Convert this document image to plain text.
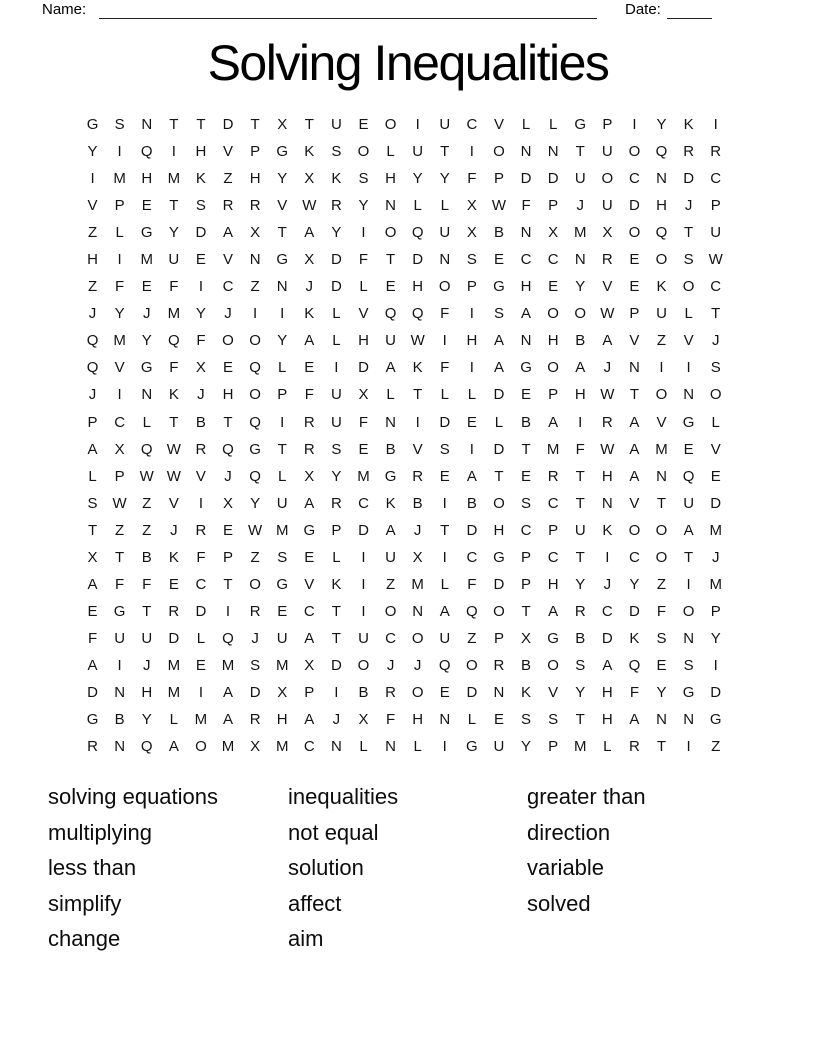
Name:	Date:
Solving Inequalities
G	S	N	T	T	D	T	X	T	U	E	O	I	U	C	V	L	L	G	P	I	Y	K	I
Y	I	Q	I	H	V	P	G	K	S	O	L	U	T	I	O	N	N	T	U	O	Q	R	R
I	M	H	M	K	Z	H	Y	X	K	S	H	Y	Y	F	P	D	D	U	O	C	N	D	C
V	P	E	T	S	R	R	V	W R	Y	N	L	L	X	W	F	P	J	U	D	H	J	P
Z	L	G	Y	D	A	X	T	A	Y	I	O	Q	U	X	B	N	X	M	X	O	Q	T	U
H	I	M	U	E	V	N	G	X	D	F	T	D	N	S	E	C	C	N	R	E	O	S	W
Z	F	E	F	I	C	Z	N	J	D	L	E	H	O	P	G	H	E	Y	V	E	K	O	C
J	Y	J	M	Y	J	I	I	K	L	V	Q	Q	F	I	S	A	O	O W	P	U	L	T
Q	M	Y	Q	F	O	O	Y	A	L	H	U W	I	H	A	N	H	B	A	V	Z	V	J
Q	V	G	F	X	E	Q	L	E	I	D	A	K	F	I	A	G	O	A	J	N	I	I	S
J	I	N	K	J	H	O	P	F	U	X	L	T	L	L	D	E	P	H W	T	O	N	O
P	C	L	T	B	T	Q	I	R	U	F	N	I	D	E	L	B	A	I	R	A	V	G	L
A	X	Q W R	Q	G	T	R	S	E	B	V	S	I	D	T	M	F	W	A	M	E	V
L	P	W W	V	J	Q	L	X	Y	M	G	R	E	A	T	E	R	T	H	A	N	Q	E
S	W	Z	V	I	X	Y	U	A	R	C	K	B	I	B	O	S	C	T	N	V	T	U	D
T	Z	Z	J	R	E	W M	G	P	D	A	J	T	D	H	C	P	U	K	O	O	A	M
X	T	B	K	F	P	Z	S	E	L	I	U	X	I	C	G	P	C	T	I	C	O	T	J
A	F	F	E	C	T	O	G	V	K	I	Z	M	L	F	D	P	H	Y	J	Y	Z	I	M
E	G	T	R	D	I	R	E	C	T	I	O	N	A	Q	O	T	A	R	C	D	F	O	P
F	U	U	D	L	Q	J	U	A	T	U	C	O	U	Z	P	X	G	B	D	K	S	N	Y
A	I	J	M	E	M	S	M	X	D	O	J	J	Q	O	R	B	O	S	A	Q	E	S	I
D	N	H	M	I	A	D	X	P	I	B	R	O	E	D	N	K	V	Y	H	F	Y	G	D
G	B	Y	L	M	A	R	H	A	J	X	F	H	N	L	E	S	S	T	H	A	N	N	G
R	N	Q	A	O	M	X	M	C	N	L	N	L	I	G	U	Y	P	M	L	R	T	I	Z
solving equations
multiplying
less than
simplify
change
inequalities
not equal
solution
affect
aim
greater than
direction
variable
solved
